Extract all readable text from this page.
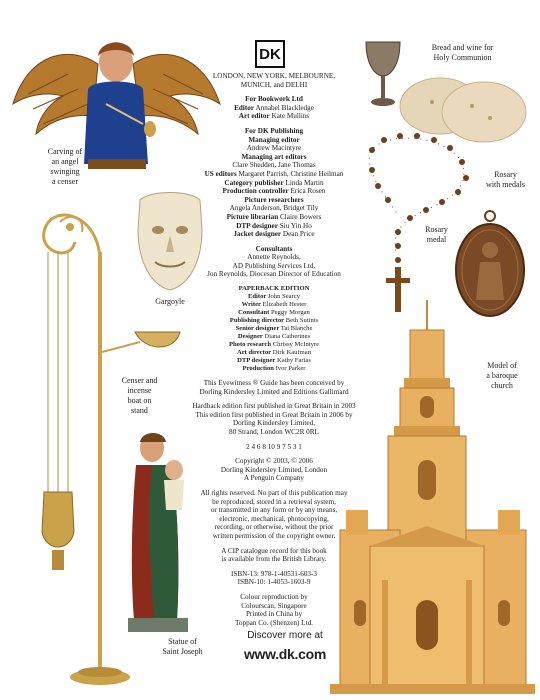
Carving of
an angel
swinging
a censer
Gargoyle
Censer and
incense
boat on
stand
Statue of
Saint Joseph
Bread and wine for
Holy Communion
Rosary
with medals
Rosary
medal
Model of
a baroque
church
DK
LONDON, NEW YORK, MELBOURNE, MUNICH, and DELHI
For Bookwork Ltd
Editor Annabel Blackledge
Art editor Kate Mullins
For DK Publishing
Managing editor
Andrew Macintyre
Managing art editors
Clare Shedden, Jane Thomas
US editors Margaret Parrish, Christine Heilman
Category publisher Linda Martin
Production controller Erica Rosen
Picture researchers
Angela Anderson, Bridget Tily
Picture librarian Claire Bowers
DTP designer Siu Yin Ho
Jacket designer Dean Price
Consultants
Annette Reynolds,
AD Publishing Services Ltd,
Jon Reynolds, Diocesan Director of Education
PAPERBACK EDITION
Editor John Searcy
Writer Elizabeth Hester
Consultant Peggy Morgan
Publishing director Beth Sutinis
Senior designer Tai Blanche
Designer Diana Catherines
Photo research Chrissy McIntyre
Art director Dirk Kaufman
DTP designer Kathy Farias
Production Ivor Parker
This Eyewitness ® Guide has been conceived by
Dorling Kindersley Limited and Editions Gallimard
Hardback edition first published in Great Britain in 2003
This edition first published in Great Britain in 2006 by
Dorling Kindersley Limited,
80 Strand, London WC2R 0RL
2 4 6 8 10 9 7 5 3 1
Copyright © 2003, © 2006
Dorling Kindersley Limited, London
A Penguin Company
All rights reserved. No part of this publication may
be reproduced, stored in a retrieval system,
or transmitted in any form or by any means,
electronic, mechanical, photocopying,
recording, or otherwise, without the prior
written permission of the copyright owner.
A CIP catalogue record for this book
is available from the British Library.
ISBN-13: 978-1-40531-603-3
ISBN-10: 1-4053-1603-9
Colour reproduction by
Colourscan, Singapore
Printed in China by
Toppan Co. (Shenzen) Ltd.
Discover more at
www.dk.com
